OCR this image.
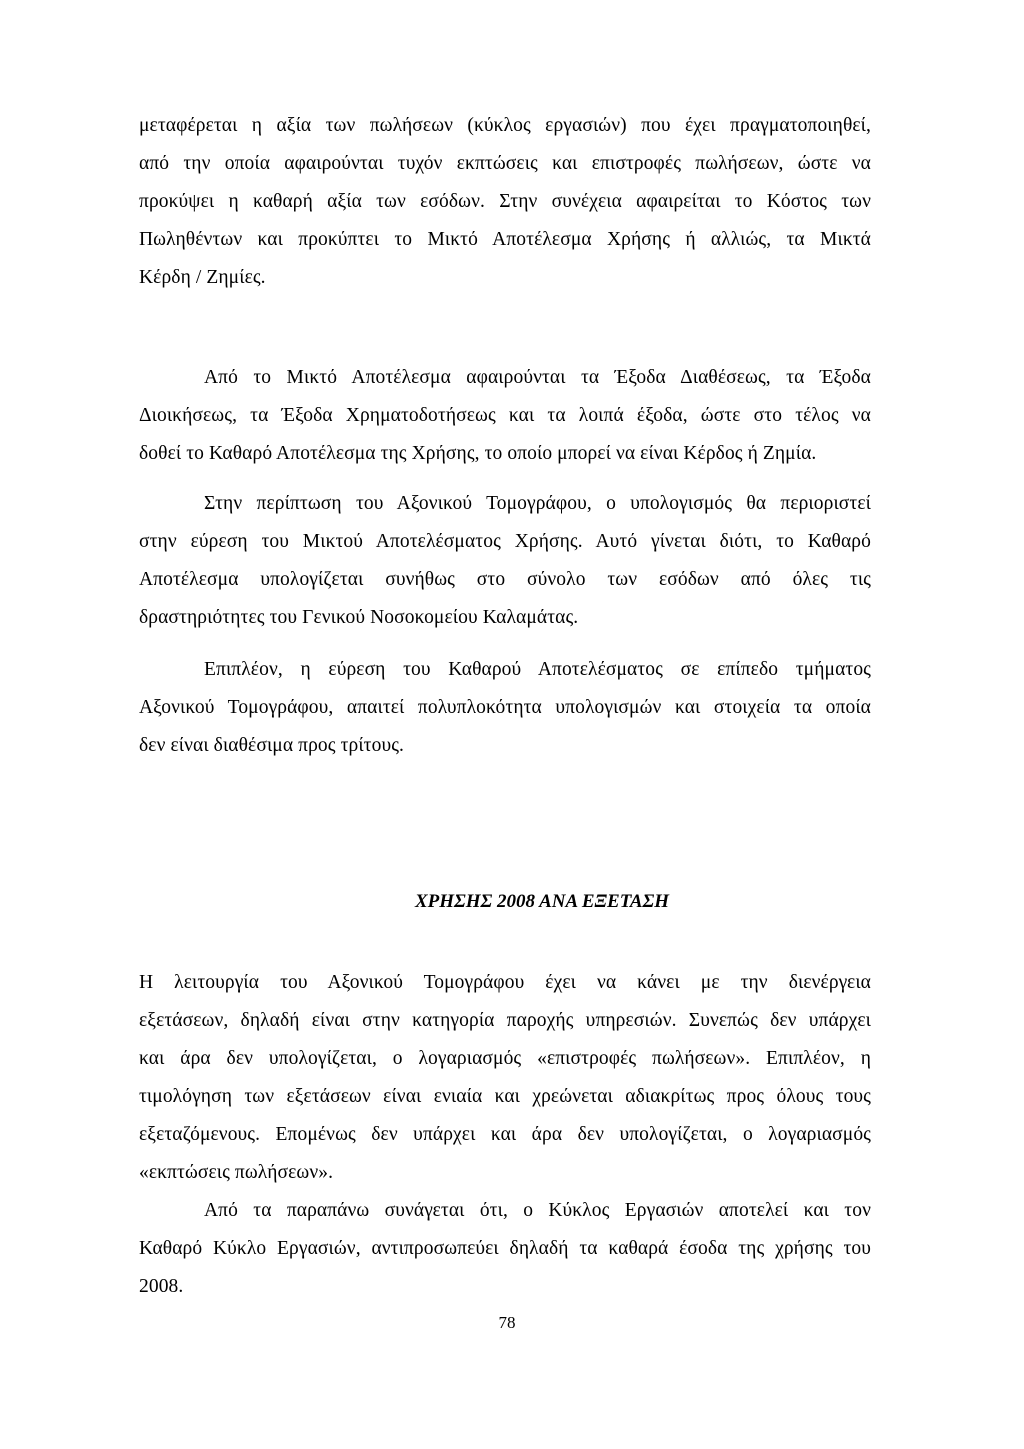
μεταφέρεται η αξία των πωλήσεων (κύκλος εργασιών) που έχει πραγματοποιηθεί,

από την οποία αφαιρούνται τυχόν εκπτώσεις και επιστροφές πωλήσεων, ώστε να

προκύψει η καθαρή αξία των εσόδων. Στην συνέχεια αφαιρείται το Κόστος των

Πωληθέντων και προκύπτει το Μικτό Αποτέλεσμα Χρήσης ή αλλιώς, τα Μικτά

Κέρδη / Ζημίες.

Από το Μικτό Αποτέλεσμα αφαιρούνται τα Έξοδα Διαθέσεως, τα Έξοδα

Διοικήσεως, τα Έξοδα Χρηματοδοτήσεως και τα λοιπά έξοδα, ώστε στο τέλος να

δοθεί το Καθαρό Αποτέλεσμα της Χρήσης, το οποίο μπορεί να είναι Κέρδος ή Ζημία.

Στην περίπτωση του Αξονικού Τομογράφου, ο υπολογισμός θα περιοριστεί

στην εύρεση του Μικτού Αποτελέσματος Χρήσης. Αυτό γίνεται διότι, το Καθαρό

Αποτέλεσμα υπολογίζεται συνήθως στο σύνολο των εσόδων από όλες τις

δραστηριότητες του Γενικού Νοσοκομείου Καλαμάτας.

Επιπλέον, η εύρεση του Καθαρού Αποτελέσματος σε επίπεδο τμήματος

Αξονικού Τομογράφου, απαιτεί πολυπλοκότητα υπολογισμών και στοιχεία τα οποία

δεν είναι διαθέσιμα προς τρίτους.

ΧΡΗΣΗΣ 2008 ΑΝΑ ΕΞΕΤΑΣΗ

Η λειτουργία του Αξονικού Τομογράφου έχει να κάνει με την διενέργεια

εξετάσεων, δηλαδή είναι στην κατηγορία παροχής υπηρεσιών. Συνεπώς δεν υπάρχει

και άρα δεν υπολογίζεται, ο λογαριασμός «επιστροφές πωλήσεων». Επιπλέον, η

τιμολόγηση των εξετάσεων είναι ενιαία και χρεώνεται αδιακρίτως προς όλους τους

εξεταζόμενους. Επομένως δεν υπάρχει και άρα δεν υπολογίζεται, ο λογαριασμός

«εκπτώσεις πωλήσεων».

Από τα παραπάνω συνάγεται ότι, ο Κύκλος Εργασιών αποτελεί και τον

Καθαρό Κύκλο Εργασιών, αντιπροσωπεύει δηλαδή τα καθαρά έσοδα της χρήσης του

2008.

78
